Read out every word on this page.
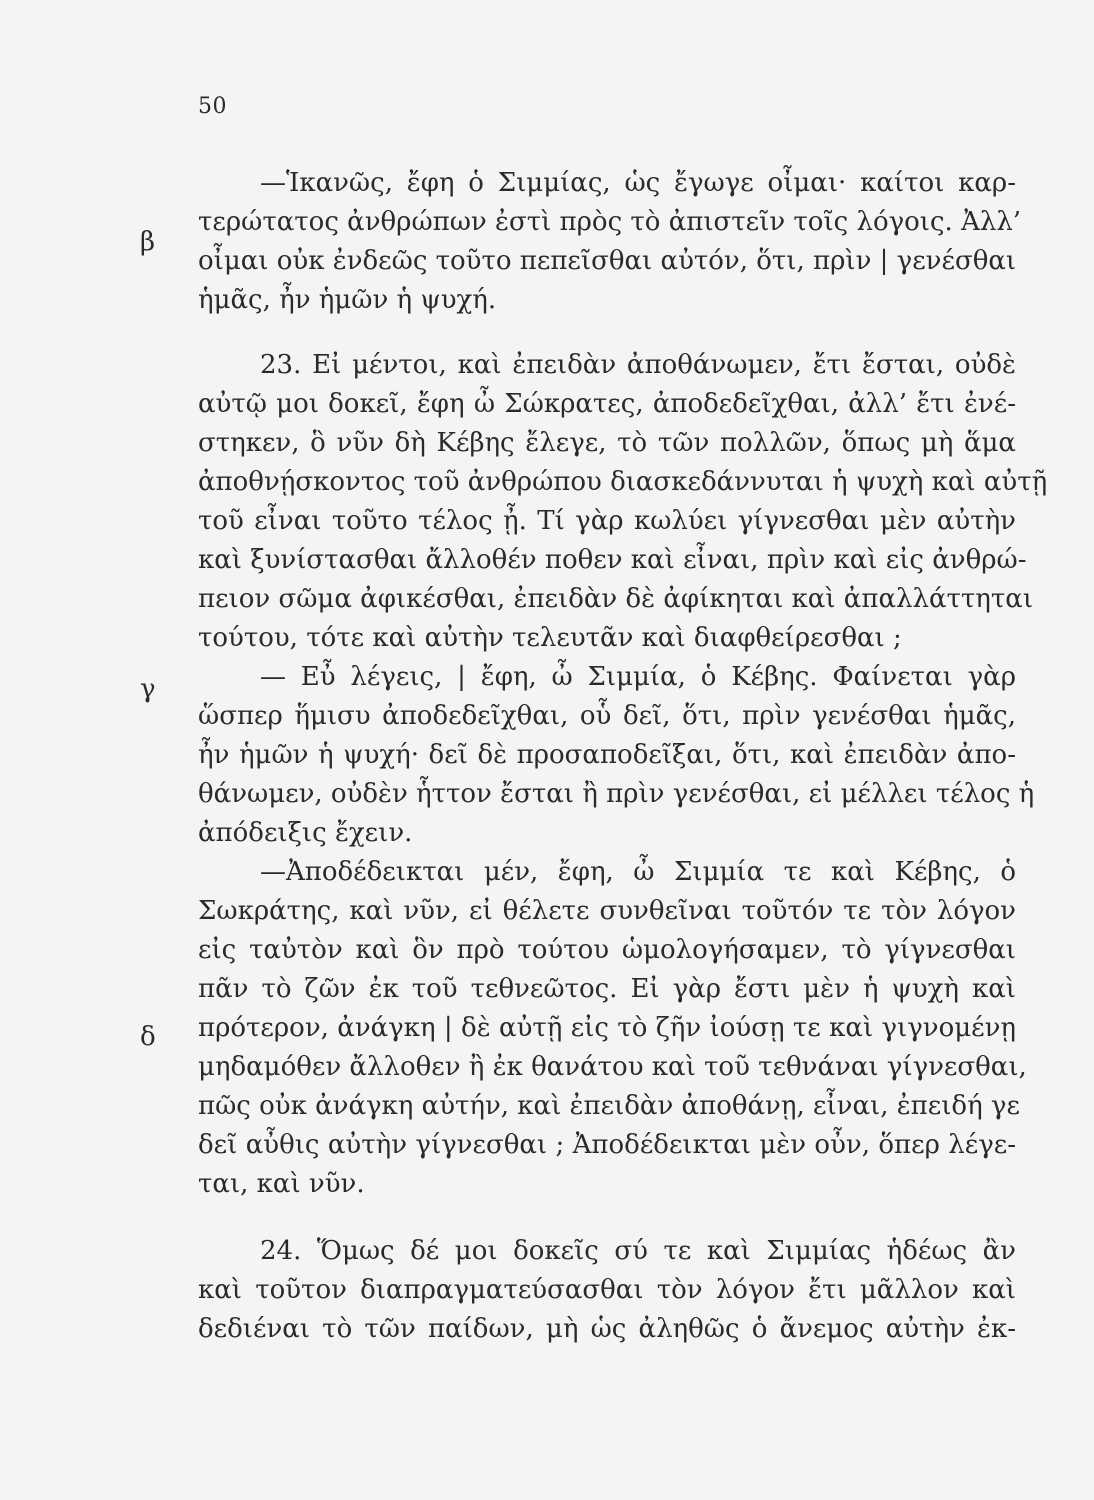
50
β
γ
δ
—Ἱκανῶς, ἔφη ὁ Σιμμίας, ὡς ἔγωγε οἶμαι· καίτοι καρ-
τερώτατος ἀνθρώπων ἐστὶ πρὸς τὸ ἀπιστεῖν τοῖς λόγοις. Ἀλλ’
οἶμαι οὐκ ἐνδεῶς τοῦτο πεπεῖσθαι αὐτόν, ὅτι, πρὶν | γενέσθαι
ἡμᾶς, ἦν ἡμῶν ἡ ψυχή.
23. Εἰ μέντοι, καὶ ἐπειδὰν ἀποθάνωμεν, ἔτι ἔσται, οὐδὲ
αὐτῷ μοι δοκεῖ, ἔφη ὦ Σώκρατες, ἀποδεδεῖχθαι, ἀλλ’ ἔτι ἐνέ-
στηκεν, ὃ νῦν δὴ Κέβης ἔλεγε, τὸ τῶν πολλῶν, ὅπως μὴ ἅμα
ἀποθνῄσκοντος τοῦ ἀνθρώπου διασκεδάννυται ἡ ψυχὴ καὶ αὐτῇ
τοῦ εἶναι τοῦτο τέλος ᾖ. Τί γὰρ κωλύει γίγνεσθαι μὲν αὐτὴν
καὶ ξυνίστασθαι ἄλλοθέν ποθεν καὶ εἶναι, πρὶν καὶ εἰς ἀνθρώ-
πειον σῶμα ἀφικέσθαι, ἐπειδὰν δὲ ἀφίκηται καὶ ἀπαλλάττηται
τούτου, τότε καὶ αὐτὴν τελευτᾶν καὶ διαφθείρεσθαι ;
— Εὖ λέγεις, | ἔφη, ὦ Σιμμία, ὁ Κέβης. Φαίνεται γὰρ
ὥσπερ ἥμισυ ἀποδεδεῖχθαι, οὗ δεῖ, ὅτι, πρὶν γενέσθαι ἡμᾶς,
ἦν ἡμῶν ἡ ψυχή· δεῖ δὲ προσαποδεῖξαι, ὅτι, καὶ ἐπειδὰν ἀπο-
θάνωμεν, οὐδὲν ἧττον ἔσται ἢ πρὶν γενέσθαι, εἰ μέλλει τέλος ἡ
ἀπόδειξις ἔχειν.
—Ἀποδέδεικται μέν, ἔφη, ὦ Σιμμία τε καὶ Κέβης, ὁ
Σωκράτης, καὶ νῦν, εἰ θέλετε συνθεῖναι τοῦτόν τε τὸν λόγον
εἰς ταὐτὸν καὶ ὃν πρὸ τούτου ὡμολογήσαμεν, τὸ γίγνεσθαι
πᾶν τὸ ζῶν ἐκ τοῦ τεθνεῶτος. Εἰ γὰρ ἔστι μὲν ἡ ψυχὴ καὶ
πρότερον, ἀνάγκη | δὲ αὐτῇ εἰς τὸ ζῆν ἰούσῃ τε καὶ γιγνομένῃ
μηδαμόθεν ἄλλοθεν ἢ ἐκ θανάτου καὶ τοῦ τεθνάναι γίγνεσθαι,
πῶς οὐκ ἀνάγκη αὐτήν, καὶ ἐπειδὰν ἀποθάνῃ, εἶναι, ἐπειδή γε
δεῖ αὖθις αὐτὴν γίγνεσθαι ; Ἀποδέδεικται μὲν οὖν, ὅπερ λέγε-
ται, καὶ νῦν.
24. Ὅμως δέ μοι δοκεῖς σύ τε καὶ Σιμμίας ἡδέως ἂν
καὶ τοῦτον διαπραγματεύσασθαι τὸν λόγον ἔτι μᾶλλον καὶ
δεδιέναι τὸ τῶν παίδων, μὴ ὡς ἀληθῶς ὁ ἄνεμος αὐτὴν ἐκ-
